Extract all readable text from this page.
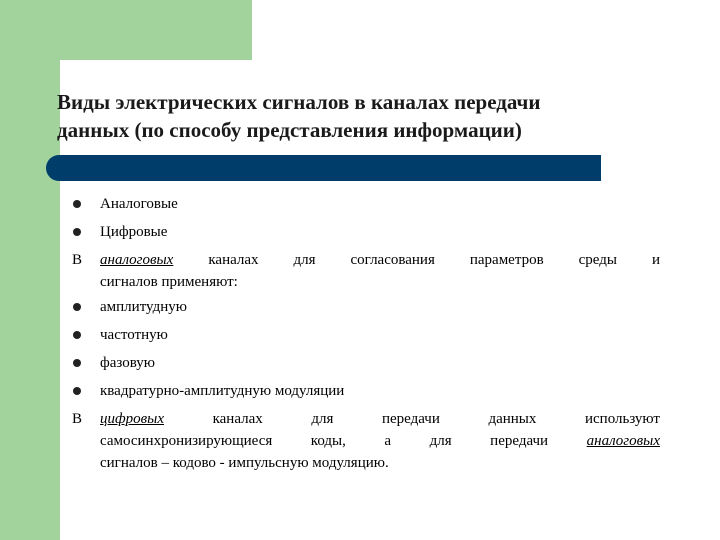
Виды электрических сигналов в каналах передачи
данных (по способу представления информации)
Аналоговые
Цифровые
В	аналоговых каналах для согласования параметров среды и
сигналов применяют:
амплитудную
частотную
фазовую
квадратурно-амплитудную модуляции
В	цифровых каналах для передачи данных используют
самосинхронизирующиеся коды, а для передачи	аналоговых
сигналов – кодово - импульсную модуляцию.
